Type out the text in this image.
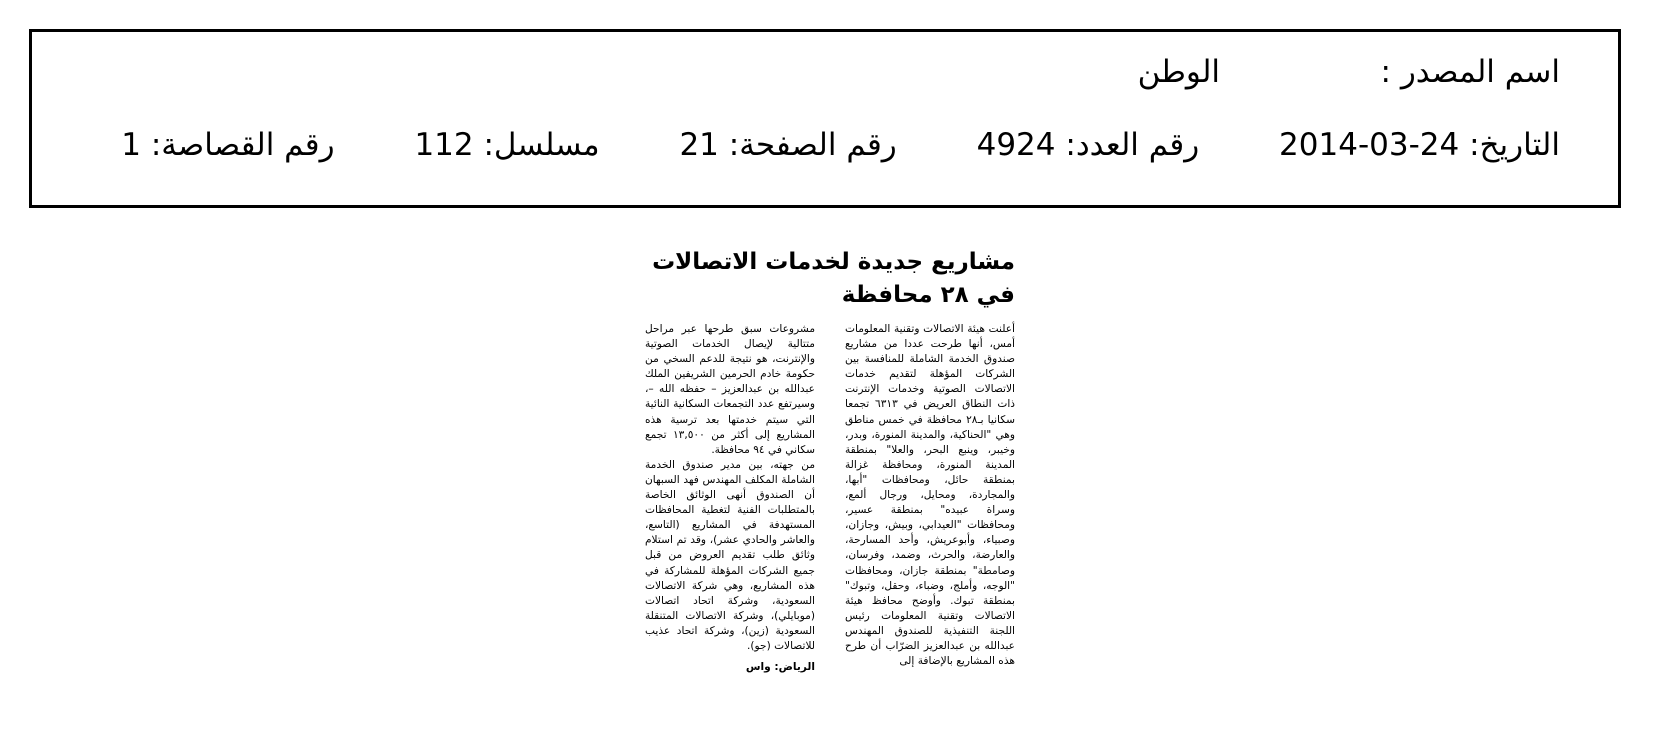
اسم المصدر :
الوطن
التاريخ: 2014-03-24 رقم العدد: 4924 رقم الصفحة: 21 مسلسل: 112 رقم القصاصة: 1
مشاريع جديدة لخدمات الاتصالات
في ٢٨ محافظة
أعلنت هيئة الاتصالات وتقنية المعلومات أمس، أنها طرحت عددا من مشاريع صندوق الخدمة الشاملة للمنافسة بين الشركات المؤهلة لتقديم خدمات الاتصالات الصوتية وخدمات الإنترنت ذات النطاق العريض في ٦٣١٣ تجمعا سكانيا بـ٢٨ محافظة في خمس مناطق وهي "الحناكية، والمدينة المنورة، وبدر، وخيبر، وينبع البحر، والعلا" بمنطقة المدينة المنورة، ومحافظة غزالة بمنطقة حائل، ومحافظات "أبها، والمجاردة، ومحايل، ورجال ألمع، وسراة عبيده" بمنطقة عسير، ومحافظات "العيدابي، وبيش، وجازان، وصبياء، وأبوعريش، وأحد المسارحة، والعارضة، والحرث، وضمد، وفرسان، وصامطة" بمنطقة جازان، ومحافظات "الوجه، وأملج، وضباء، وحقل، وتبوك" بمنطقة تبوك. وأوضح محافظ هيئة الاتصالات وتقنية المعلومات رئيس اللجنة التنفيذية للصندوق المهندس عبدالله بن عبدالعزيز الضرّاب أن طرح هذه المشاريع بالإضافة إلى
مشروعات سبق طرحها عبر مراحل متتالية لإيصال الخدمات الصوتية والإنترنت، هو نتيجة للدعم السخي من حكومة خادم الحرمين الشريفين الملك عبدالله بن عبدالعزيز – حفظه الله –، وسيرتفع عدد التجمعات السكانية النائية التي سيتم خدمتها بعد ترسية هذه المشاريع إلى أكثر من ١٣,٥٠٠ تجمع سكاني في ٩٤ محافظة.
من جهته، بين مدير صندوق الخدمة الشاملة المكلف المهندس فهد السبهان أن الصندوق أنهى الوثائق الخاصة بالمتطلبات الفنية لتغطية المحافظات المستهدفة في المشاريع (التاسع، والعاشر والحادي عشر)، وقد تم استلام وثائق طلب تقديم العروض من قبل جميع الشركات المؤهلة للمشاركة في هذه المشاريع، وهي شركة الاتصالات السعودية، وشركة اتحاد اتصالات (موبايلي)، وشركة الاتصالات المتنقلة السعودية (زين)، وشركة اتحاد عذيب للاتصالات (جو).
الرياض: واس
